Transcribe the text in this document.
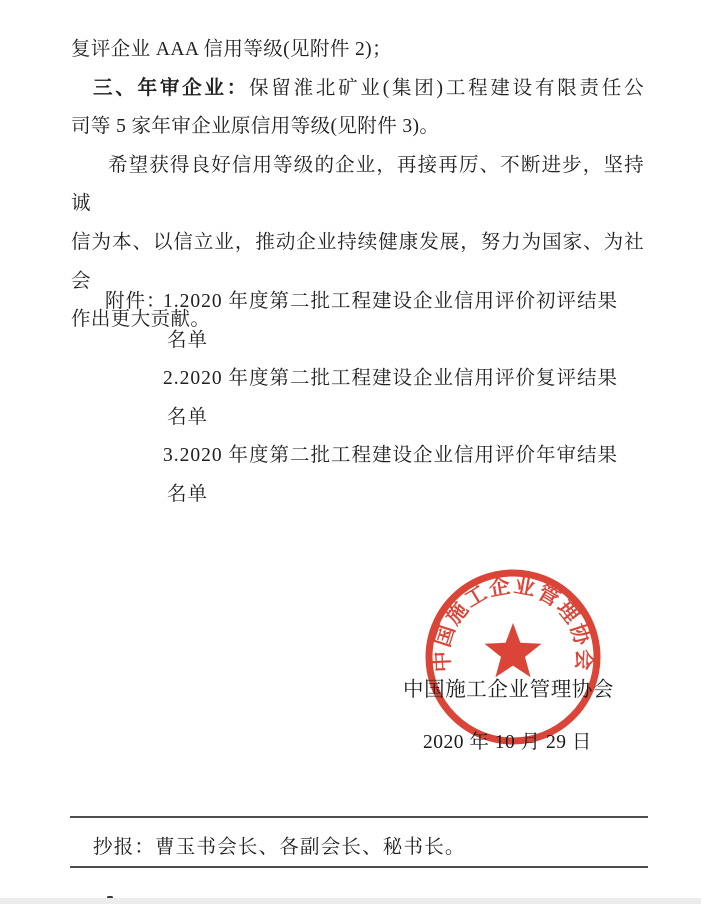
复评企业 AAA 信用等级(见附件 2)；
三、年审企业：保留淮北矿业(集团)工程建设有限责任公
司等 5 家年审企业原信用等级(见附件 3)。
希望获得良好信用等级的企业，再接再厉、不断进步，坚持诚
信为本、以信立业，推动企业持续健康发展，努力为国家、为社会
作出更大贡献。
附件：
1.2020 年度第二批工程建设企业信用评价初评结果
名单
2.2020 年度第二批工程建设企业信用评价复评结果
名单
3.2020 年度第二批工程建设企业信用评价年审结果
名单
中国施工企业管理协会
中国施工企业管理协会
2020 年 10 月 29 日
抄报：曹玉书会长、各副会长、秘书长。
